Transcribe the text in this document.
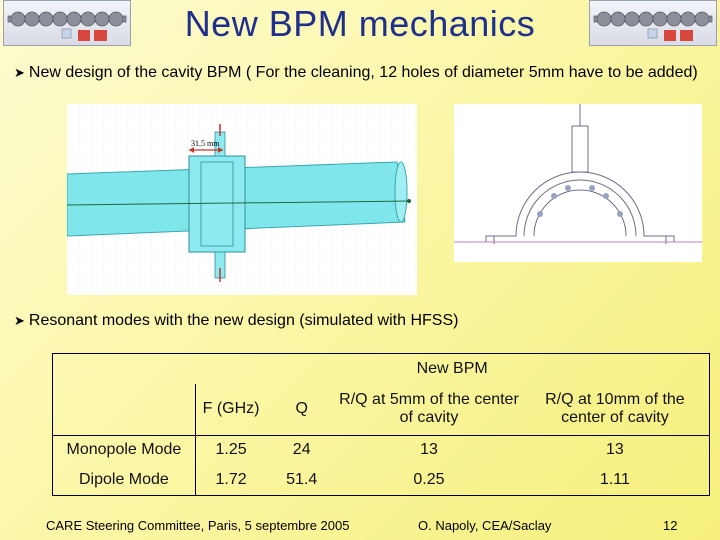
New BPM mechanics
➤ New design of the cavity BPM ( For the cleaning, 12 holes of diameter 5mm have to be added)
31.5 mm
➤ Resonant modes with the new design (simulated with HFSS)
	New BPM			
	F (GHz)	Q	R/Q at 5mm of the center of cavity	R/Q at 10mm of the center of cavity
Monopole Mode	1.25	24	13	13
Dipole Mode	1.72	51.4	0.25	1.11
CARE Steering Committee, Paris, 5 septembre 2005	O. Napoly, CEA/Saclay	12
